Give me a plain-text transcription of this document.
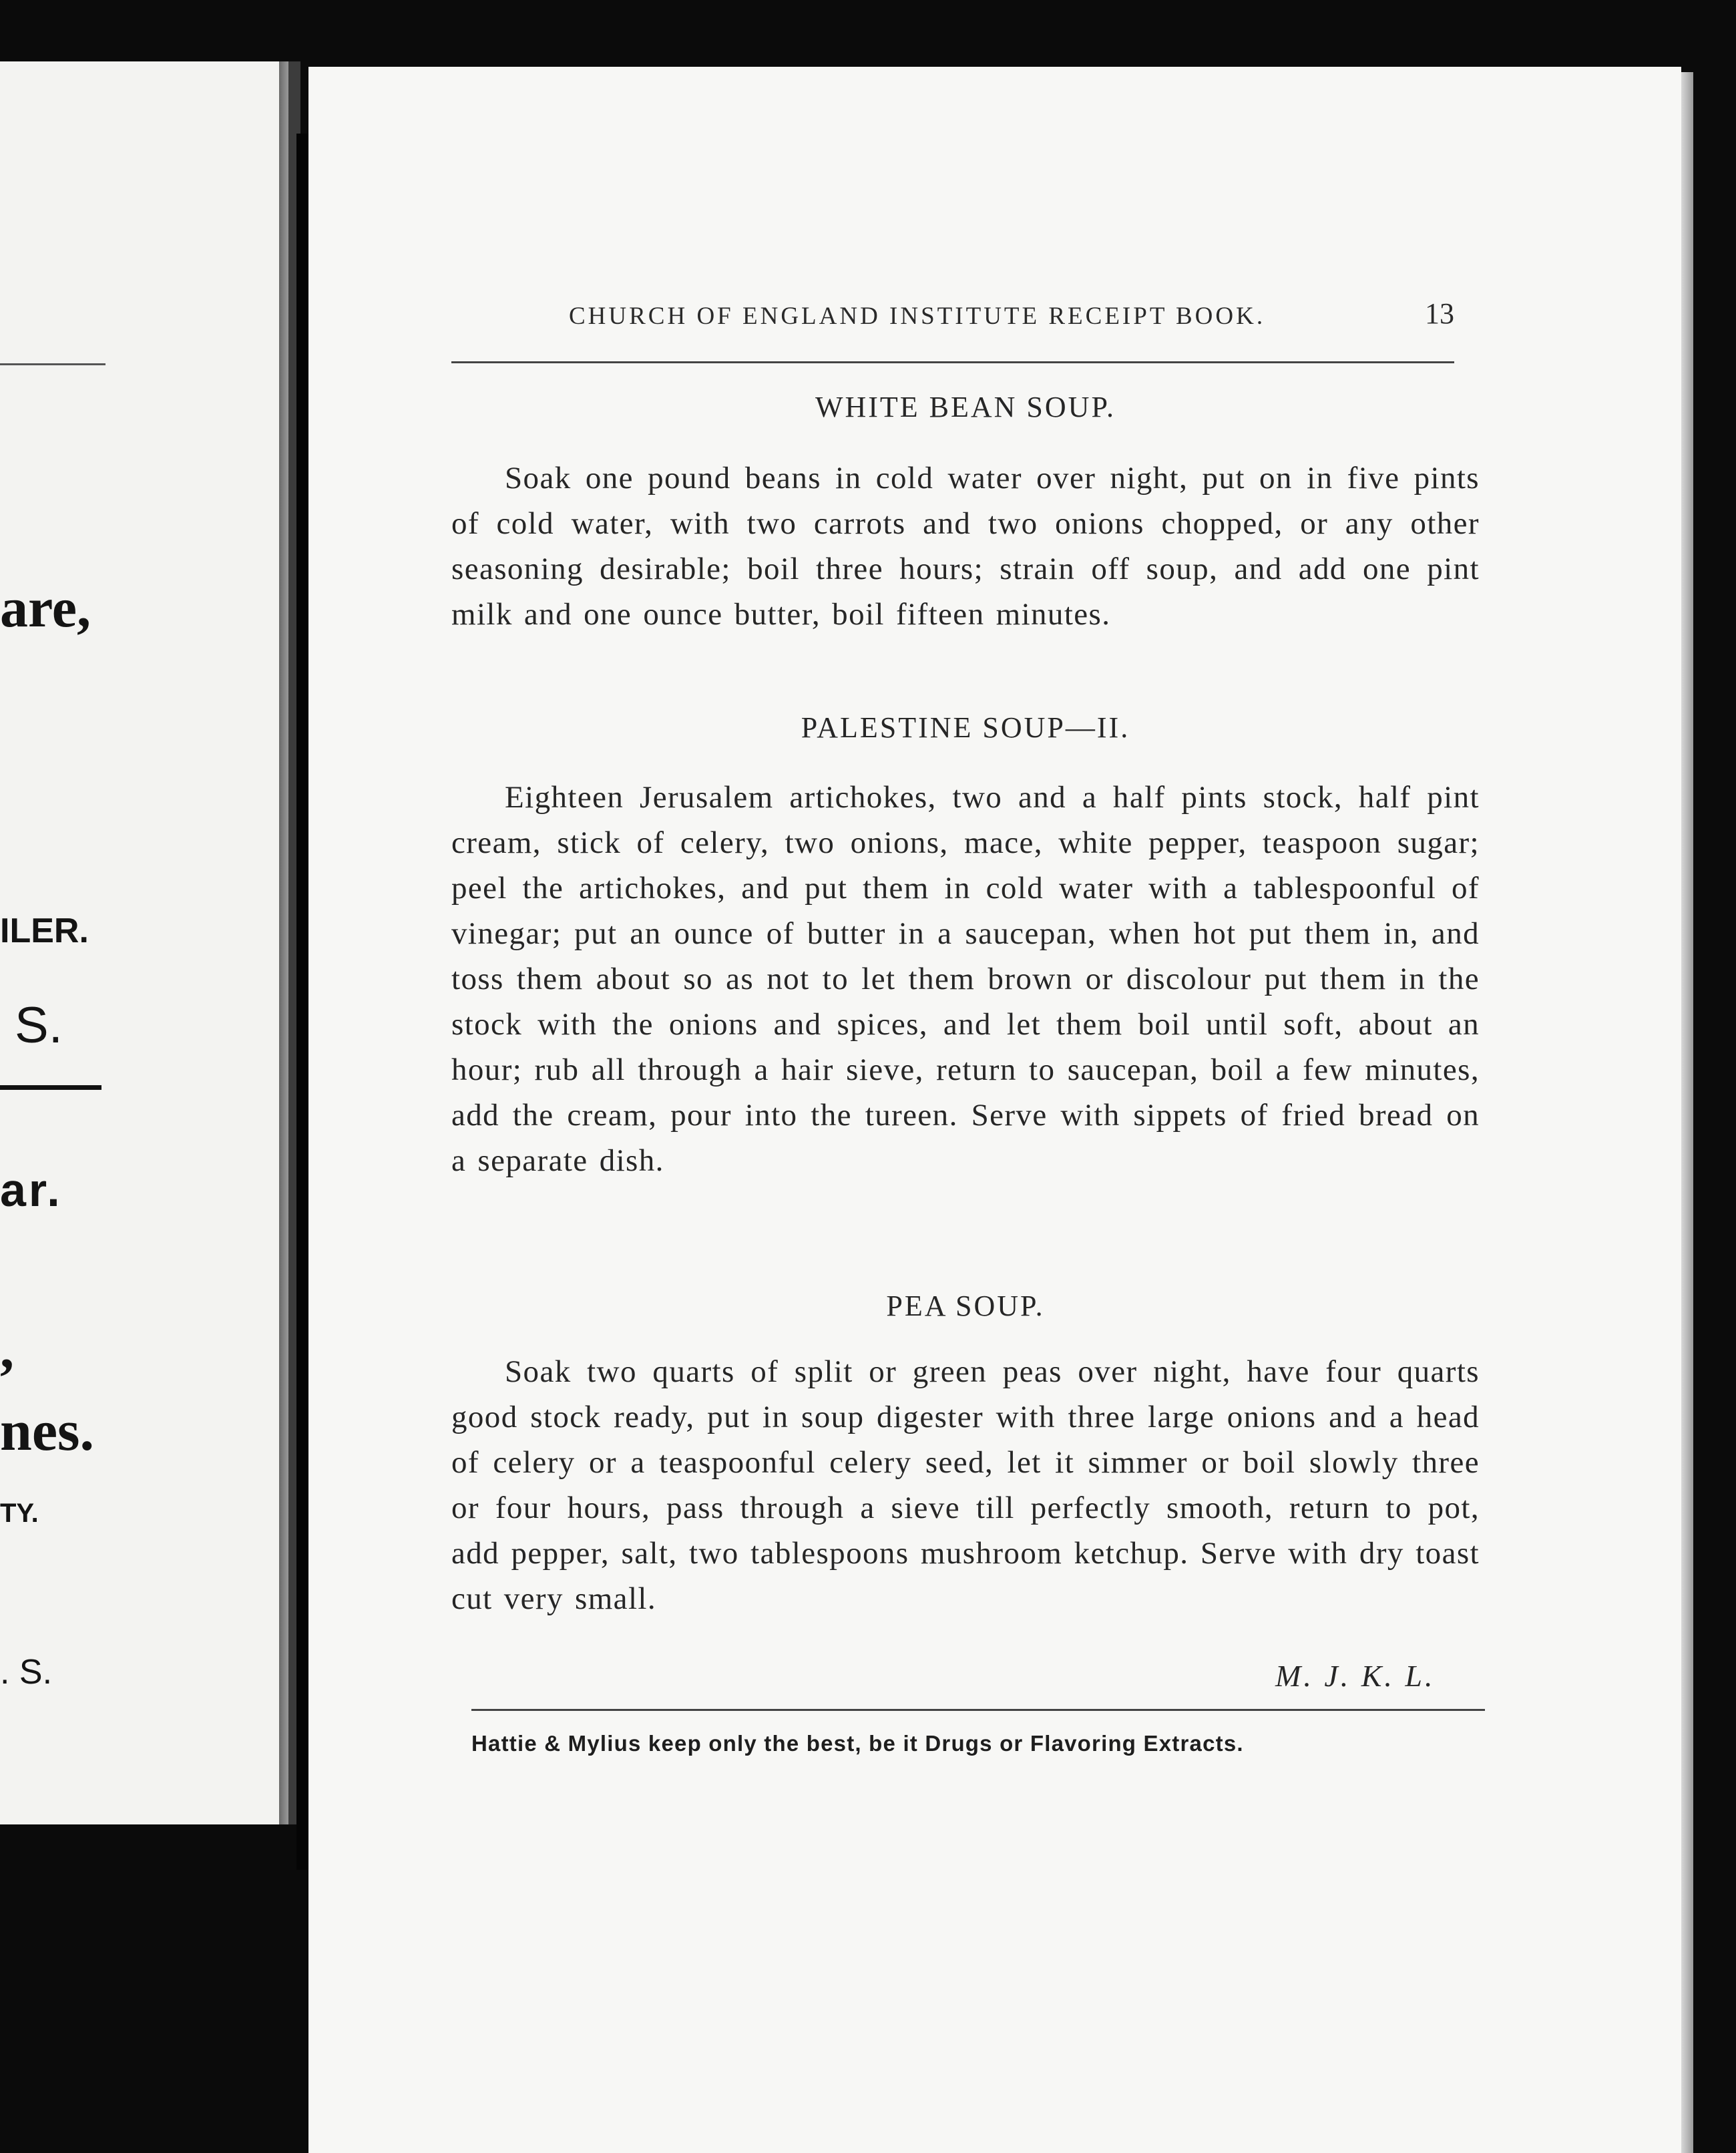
are,
ILER.
S.
ar.
,
nes.
TY.
. S.
CHURCH OF ENGLAND INSTITUTE RECEIPT BOOK.	13
WHITE BEAN SOUP.
Soak one pound beans in cold water over night, put on in five pints of cold water, with two carrots and two onions chopped, or any other seasoning desirable; boil three hours; strain off soup, and add one pint milk and one ounce butter, boil fifteen minutes.
PALESTINE SOUP—II.
Eighteen Jerusalem artichokes, two and a half pints stock, half pint cream, stick of celery, two onions, mace, white pepper, teaspoon sugar; peel the artichokes, and put them in cold water with a tablespoonful of vinegar; put an ounce of butter in a saucepan, when hot put them in, and toss them about so as not to let them brown or discolour put them in the stock with the onions and spices, and let them boil until soft, about an hour; rub all through a hair sieve, return to saucepan, boil a few minutes, add the cream, pour into the tureen. Serve with sippets of fried bread on a separate dish.
PEA SOUP.
Soak two quarts of split or green peas over night, have four quarts good stock ready, put in soup digester with three large onions and a head of celery or a teaspoonful celery seed, let it simmer or boil slowly three or four hours, pass through a sieve till perfectly smooth, return to pot, add pepper, salt, two tablespoons mushroom ketchup. Serve with dry toast cut very small.
M. J. K. L.
Hattie & Mylius keep only the best, be it Drugs or Flavoring Extracts.
